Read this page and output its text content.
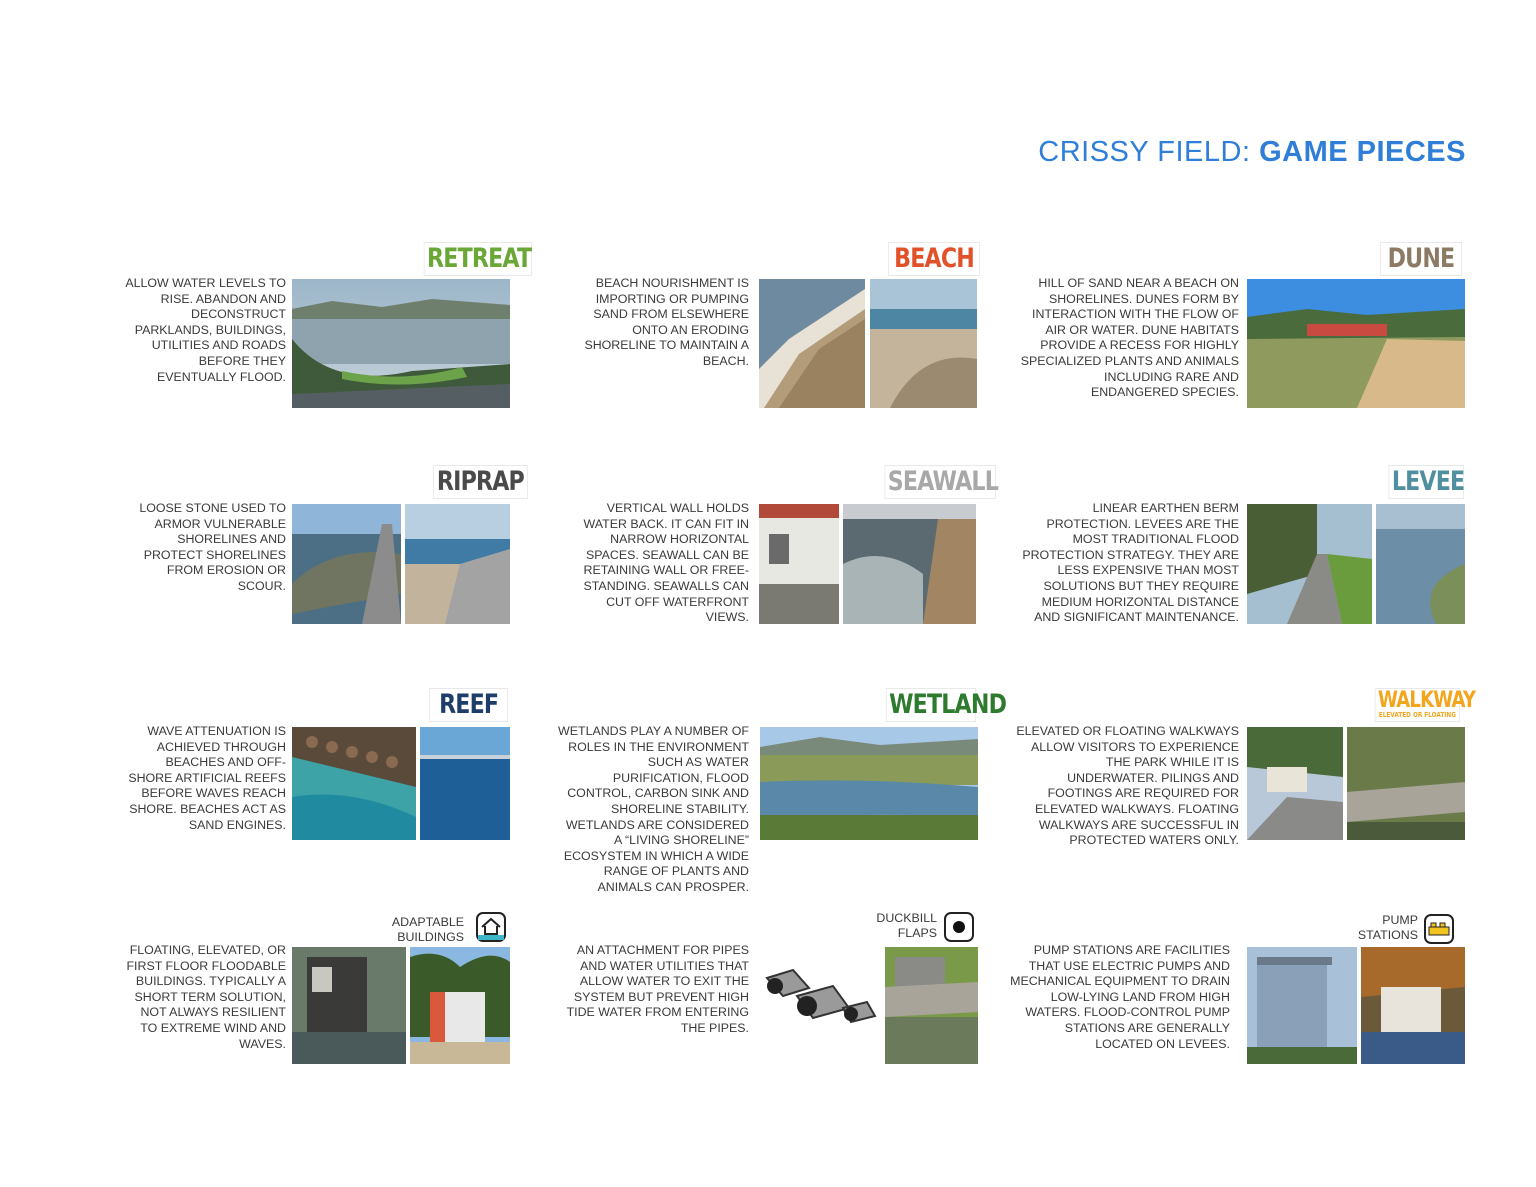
CRISSY FIELD: GAME PIECES
RETREAT
ALLOW WATER LEVELS TO RISE. ABANDON AND DECONSTRUCT PARKLANDS, BUILDINGS, UTILITIES AND ROADS BEFORE THEY EVENTUALLY FLOOD.
BEACH
BEACH NOURISHMENT IS IMPORTING OR PUMPING SAND FROM ELSEWHERE ONTO AN ERODING SHORELINE TO MAINTAIN A BEACH.
DUNE
HILL OF SAND NEAR A BEACH ON SHORELINES. DUNES FORM BY INTERACTION WITH THE FLOW OF AIR OR WATER. DUNE HABITATS PROVIDE A RECESS FOR HIGHLY SPECIALIZED PLANTS AND ANIMALS INCLUDING RARE AND ENDANGERED SPECIES.
RIPRAP
LOOSE STONE USED TO ARMOR VULNERABLE SHORELINES AND PROTECT SHORELINES FROM EROSION OR SCOUR.
SEAWALL
VERTICAL WALL HOLDS WATER BACK. IT CAN FIT IN NARROW HORIZONTAL SPACES. SEAWALL CAN BE RETAINING WALL OR FREE-STANDING. SEAWALLS CAN CUT OFF WATERFRONT VIEWS.
LEVEE
LINEAR EARTHEN BERM PROTECTION. LEVEES ARE THE MOST TRADITIONAL FLOOD PROTECTION STRATEGY. THEY ARE LESS EXPENSIVE THAN MOST SOLUTIONS BUT THEY REQUIRE MEDIUM HORIZONTAL DISTANCE AND SIGNIFICANT MAINTENANCE.
REEF
WAVE ATTENUATION IS ACHIEVED THROUGH BEACHES AND OFF-SHORE ARTIFICIAL REEFS BEFORE WAVES REACH SHORE. BEACHES ACT AS SAND ENGINES.
WETLAND
WETLANDS PLAY A NUMBER OF ROLES IN THE ENVIRONMENT SUCH AS WATER PURIFICATION, FLOOD CONTROL, CARBON SINK AND SHORELINE STABILITY. WETLANDS ARE CONSIDERED A “LIVING SHORELINE” ECOSYSTEM IN WHICH A WIDE RANGE OF PLANTS AND ANIMALS CAN PROSPER.
WALKWAY
ELEVATED OR FLOATING
ELEVATED OR FLOATING WALKWAYS ALLOW VISITORS TO EXPERIENCE THE PARK WHILE IT IS UNDERWATER. PILINGS AND FOOTINGS ARE REQUIRED FOR ELEVATED WALKWAYS. FLOATING WALKWAYS ARE SUCCESSFUL IN PROTECTED WATERS ONLY.
ADAPTABLE
BUILDINGS
FLOATING, ELEVATED, OR FIRST FLOOR FLOODABLE BUILDINGS. TYPICALLY A SHORT TERM SOLUTION, NOT ALWAYS RESILIENT TO EXTREME WIND AND WAVES.
DUCKBILL
FLAPS
AN ATTACHMENT FOR PIPES AND WATER UTILITIES THAT ALLOW WATER TO EXIT THE SYSTEM BUT PREVENT HIGH TIDE WATER FROM ENTERING THE PIPES.
PUMP
STATIONS
PUMP STATIONS ARE FACILITIES THAT USE ELECTRIC PUMPS AND MECHANICAL EQUIPMENT TO DRAIN LOW-LYING LAND FROM HIGH WATERS. FLOOD-CONTROL PUMP STATIONS ARE GENERALLY LOCATED ON LEVEES.
